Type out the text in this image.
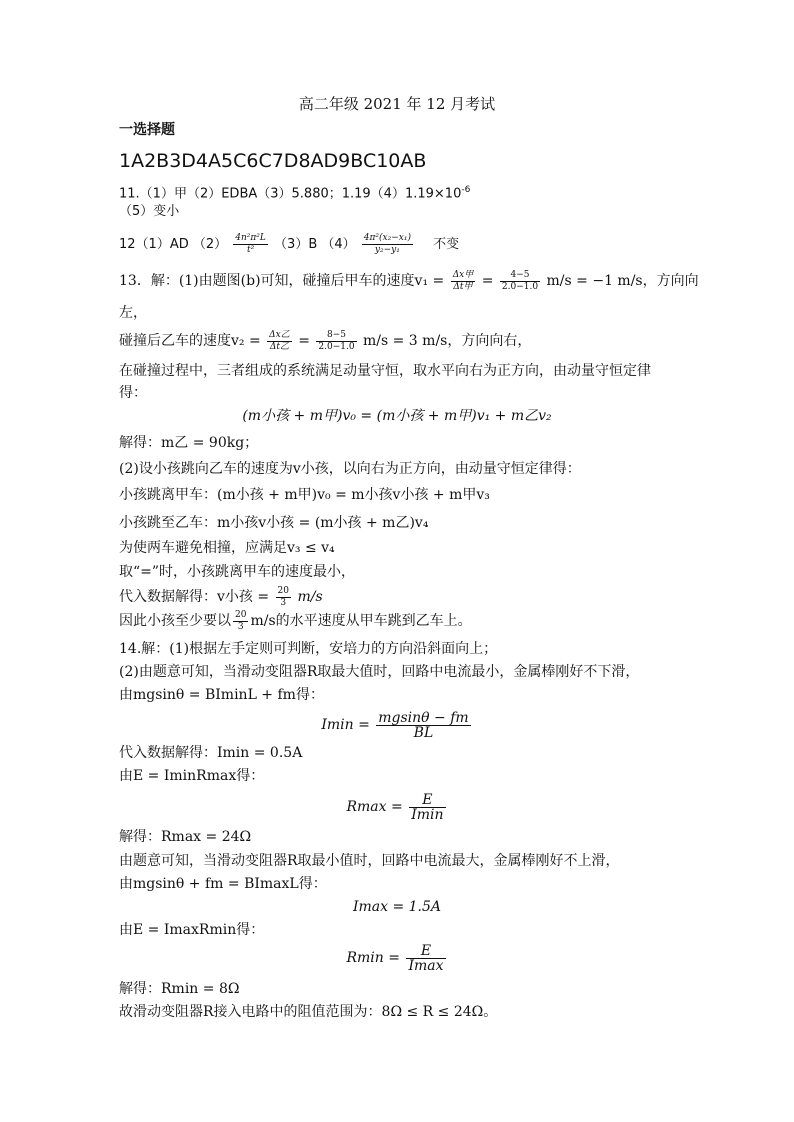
高二年级 2021 年 12 月考试
一选择题
1A2B3D4A5C6C7D8AD9BC10AB
11.（1）甲（2）EDBA（3）5.880；$1.19(4)1.19\times 10^{-6}$
（5）变小
12（1）AD $(2) \frac{\text{4n²π²L}}{\text{t²}} (3)B$ $(4) \frac{\text{4π²(x₂−x₁)}}{\text{y₂−y₁}}$ 不变
13．解：(1)由题图(b)可知，碰撞后甲车的速度$v_1 = \frac{\text{Δx甲}}{\text{Δt甲}} = \frac{4-5}{2.0-1.0} m/s = -1$ m/s，方向向
左，
碰撞后乙车的速度$v_2 = \frac{\text{Δx乙}}{\text{Δt乙}} = \frac{8-5}{2.0-1.0} m/s = 3$ m/s，方向向右，
在碰撞过程中，三者组成的系统满足动量守恒，取水平向右为正方向，由动量守恒定律
得：
(m小孩 + m甲)v₀ = (m小孩 + m甲)v₁ + m乙v₂
解得：m乙 = 90kg；
(2)设小孩跳向乙车的速度为v小孩，以向右为正方向，由动量守恒定律得：
小孩跳离甲车：(m小孩 + m甲)v₀ = m小孩v小孩 + m甲v₃
小孩跳至乙车：m小孩v小孩 = (m小孩 + m乙)v₄
为使两车避免相撞，应满足v₃ ≤ v₄
取“=”时，小孩跳离甲车的速度最小，
代入数据解得：v小孩 = $\frac{20}{3} m/s$
因此小孩至少要以 $\frac{20}{3} m/s$的水平速度从甲车跳到乙车上。
14.解：(1)根据左手定则可判断，安培力的方向沿斜面向上；
(2)由题意可知，当滑动变阻器R取最大值时，回路中电流最小，金属棒刚好不下滑，
由mgsinθ = BIminL + fm得：
$Imin = \frac{mgsin\theta - fm}{BL}$
代入数据解得：Imin = 0.5A
由E = IminRmax得：
$Rmax = \frac{E}{Imin}$
解得：Rmax = 24Ω
由题意可知，当滑动变阻器R取最小值时，回路中电流最大，金属棒刚好不上滑，
由mgsinθ + fm = BImaxL得：
Imax = 1.5A
由E = ImaxRmin得：
$Rmin = \frac{E}{Imax}$
解得：Rmin = 8Ω
故滑动变阻器R接入电路中的阻值范围为：8Ω ≤ R ≤ 24Ω。
